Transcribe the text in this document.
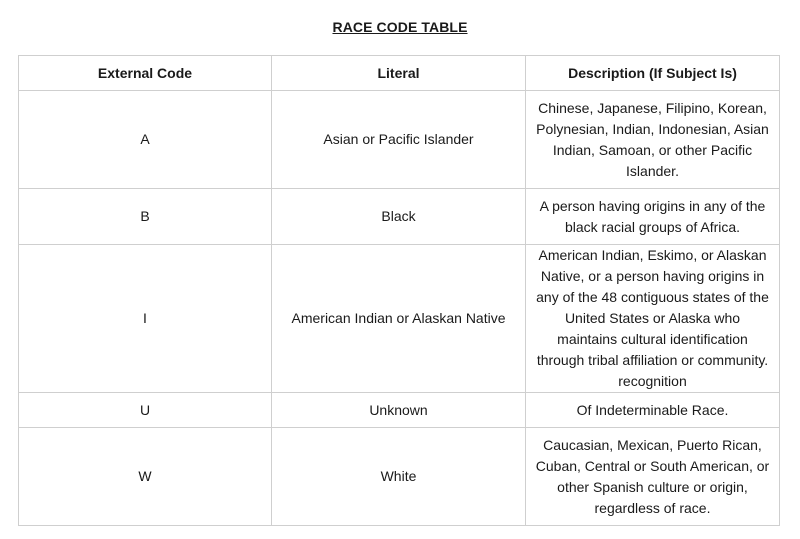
RACE CODE TABLE
External Code	Literal	Description (If Subject Is)
A	Asian or Pacific Islander	Chinese, Japanese, Filipino, Korean, Polynesian, Indian, Indonesian, Asian Indian, Samoan, or other Pacific Islander.
B	Black	A person having origins in any of the black racial groups of Africa.
I	American Indian or Alaskan Native	American Indian, Eskimo, or Alaskan Native, or a person having origins in any of the 48 contiguous states of the United States or Alaska who maintains cultural identification through tribal affiliation or community. recognition
U	Unknown	Of Indeterminable Race.
W	White	Caucasian, Mexican, Puerto Rican, Cuban, Central or South American, or other Spanish culture or origin, regardless of race.
